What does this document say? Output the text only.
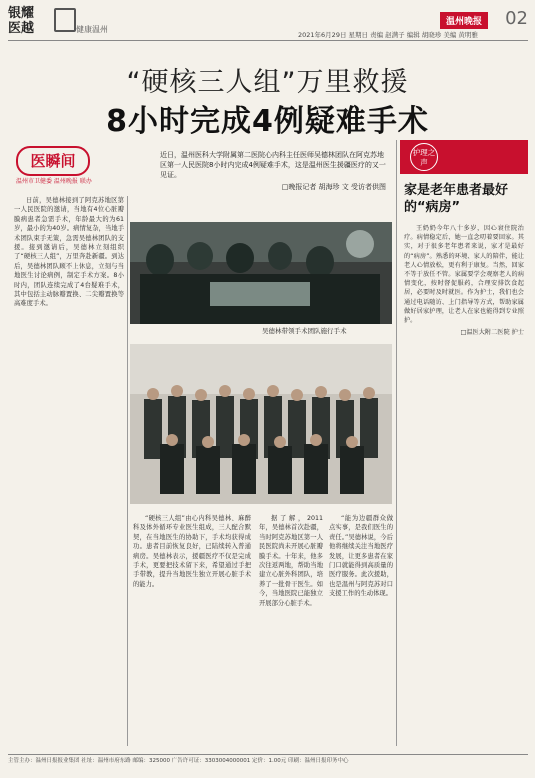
银耀
医越	健康温州
温州晚报	02
2021年6月29日 星期日 责编 赵满子 编辑 胡晓珍 美编 黄明雅
“硬核三人组”万里救援
8小时完成4例疑难手术
医瞬间
温州市卫健委 温州晚报 联办
近日，温州医科大学附属第二医院心内科主任医师吴德林团队在阿克苏地区第一人民医院8小时内完成4例疑难手术，这是温州医生援疆医疗的又一见证。
□晚报记者 胡海珍 文 受访者供图
吴德林带领手术团队施行手术

日前，吴德林接到了阿克苏地区第一人民医院的邀请，当地有4位心脏瓣膜病患者急需手术，年龄最大的为61岁，最小的为40岁。病情复杂，当地手术团队束手无策，急需吴德林团队的支援。接到邀请后，吴德林立刻组织了“硬核三人组”，万里奔赴新疆。到达后，吴德林团队顾不上休息，立刻与当地医生讨论病例，制定手术方案。8小时内，团队连续完成了4台疑难手术，其中包括主动脉瓣置换、二尖瓣置换等高难度手术。

“硬核三人组”由心内科吴德林、麻醉科及体外循环专业医生组成，三人配合默契，在当地医生的协助下，手术均获得成功。患者目前恢复良好，已陆续转入普通病房。吴德林表示，援疆医疗不仅是完成手术，更要把技术留下来，希望通过手把手带教，提升当地医生独立开展心脏手术的能力。

据了解，2011年，吴德林首次赴疆，当时阿克苏地区第一人民医院尚未开展心脏瓣膜手术。十年来，他多次往返两地，帮助当地建立心脏外科团队，培养了一批骨干医生。如今，当地医院已能独立开展部分心脏手术。

“能为边疆群众做点实事，是我们医生的责任。”吴德林说，今后他将继续关注当地医疗发展，让更多患者在家门口就能得到高质量的医疗服务。此次援助，也是温州与阿克苏对口支援工作的生动体现。

护理之声
家是老年患者最好的“病房”

王奶奶今年八十多岁，因心衰住院治疗。病情稳定后，她一直念叨着要回家。其实，对于很多老年患者来说，家才是最好的“病房”。熟悉的环境、家人的陪伴，能让老人心情放松，更有利于康复。当然，回家不等于放任不管。家属要学会观察老人的病情变化，按时督促服药，合理安排饮食起居，必要时及时就医。作为护士，我们也会通过电话随访、上门指导等方式，帮助家属做好居家护理，让老人在家也能得到专业照护。

□温医大附二医院 护士

主管主办：温州日报报业集团 社址：温州市府东路 邮编：325000 广告许可证：3303004000001 定价：1.00元 印刷：温州日报印务中心
